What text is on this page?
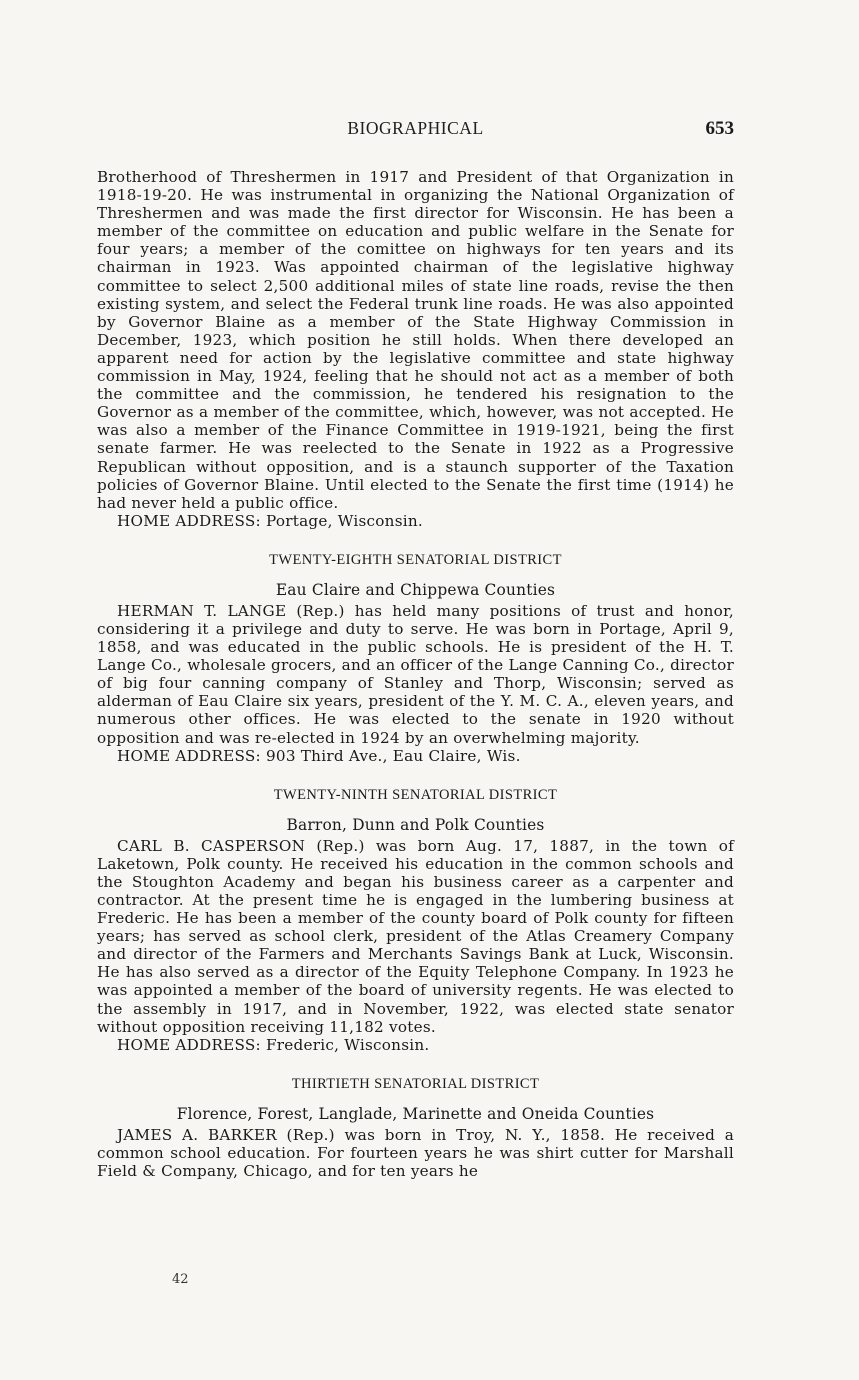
BIOGRAPHICAL	653

Brotherhood of Threshermen in 1917 and President of that Organization in 1918-19-20. He was instrumental in organizing the National Organization of Threshermen and was made the first director for Wisconsin. He has been a member of the committee on education and public welfare in the Senate for four years; a member of the comittee on highways for ten years and its chairman in 1923. Was appointed chairman of the legislative highway committee to select 2,500 additional miles of state line roads, revise the then existing system, and select the Federal trunk line roads. He was also appointed by Governor Blaine as a member of the State Highway Commission in December, 1923, which position he still holds. When there developed an apparent need for action by the legislative committee and state highway commission in May, 1924, feeling that he should not act as a member of both the committee and the commission, he tendered his resignation to the Governor as a member of the committee, which, however, was not accepted. He was also a member of the Finance Committee in 1919-1921, being the first senate farmer. He was reelected to the Senate in 1922 as a Progressive Republican without opposition, and is a staunch supporter of the Taxation policies of Governor Blaine. Until elected to the Senate the first time (1914) he had never held a public office.

HOME ADDRESS: Portage, Wisconsin.

TWENTY-EIGHTH SENATORIAL DISTRICT
Eau Claire and Chippewa Counties

HERMAN T. LANGE (Rep.) has held many positions of trust and honor, considering it a privilege and duty to serve. He was born in Portage, April 9, 1858, and was educated in the public schools. He is president of the H. T. Lange Co., wholesale grocers, and an officer of the Lange Canning Co., director of big four canning company of Stanley and Thorp, Wisconsin; served as alderman of Eau Claire six years, president of the Y. M. C. A., eleven years, and numerous other offices. He was elected to the senate in 1920 without opposition and was re-elected in 1924 by an overwhelming majority.

HOME ADDRESS: 903 Third Ave., Eau Claire, Wis.

TWENTY-NINTH SENATORIAL DISTRICT
Barron, Dunn and Polk Counties

CARL B. CASPERSON (Rep.) was born Aug. 17, 1887, in the town of Laketown, Polk county. He received his education in the common schools and the Stoughton Academy and began his business career as a carpenter and contractor. At the present time he is engaged in the lumbering business at Frederic. He has been a member of the county board of Polk county for fifteen years; has served as school clerk, president of the Atlas Creamery Company and director of the Farmers and Merchants Savings Bank at Luck, Wisconsin. He has also served as a director of the Equity Telephone Company. In 1923 he was appointed a member of the board of university regents. He was elected to the assembly in 1917, and in November, 1922, was elected state senator without opposition receiving 11,182 votes.

HOME ADDRESS: Frederic, Wisconsin.

THIRTIETH SENATORIAL DISTRICT
Florence, Forest, Langlade, Marinette and Oneida Counties

JAMES A. BARKER (Rep.) was born in Troy, N. Y., 1858. He received a common school education. For fourteen years he was shirt cutter for Marshall Field & Company, Chicago, and for ten years he

42
